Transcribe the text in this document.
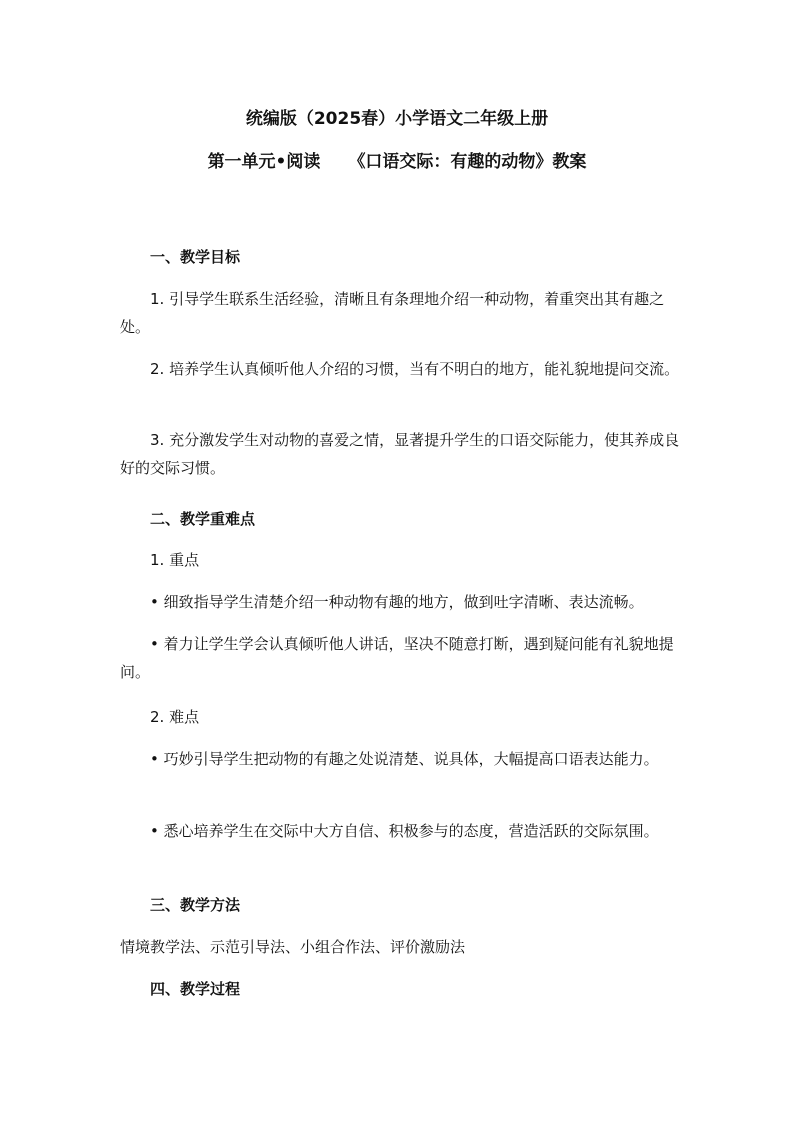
统编版（2025春）小学语文二年级上册
第一单元•阅读 《口语交际：有趣的动物》教案
一、教学目标
1. 引导学生联系生活经验，清晰且有条理地介绍一种动物，着重突出其有趣之处。
2. 培养学生认真倾听他人介绍的习惯，当有不明白的地方，能礼貌地提问交流。
3. 充分激发学生对动物的喜爱之情，显著提升学生的口语交际能力，使其养成良好的交际习惯。
二、教学重难点
1. 重点
• 细致指导学生清楚介绍一种动物有趣的地方，做到吐字清晰、表达流畅。
• 着力让学生学会认真倾听他人讲话，坚决不随意打断，遇到疑问能有礼貌地提问。
2. 难点
• 巧妙引导学生把动物的有趣之处说清楚、说具体，大幅提高口语表达能力。
• 悉心培养学生在交际中大方自信、积极参与的态度，营造活跃的交际氛围。
三、教学方法
情境教学法、示范引导法、小组合作法、评价激励法
四、教学过程
